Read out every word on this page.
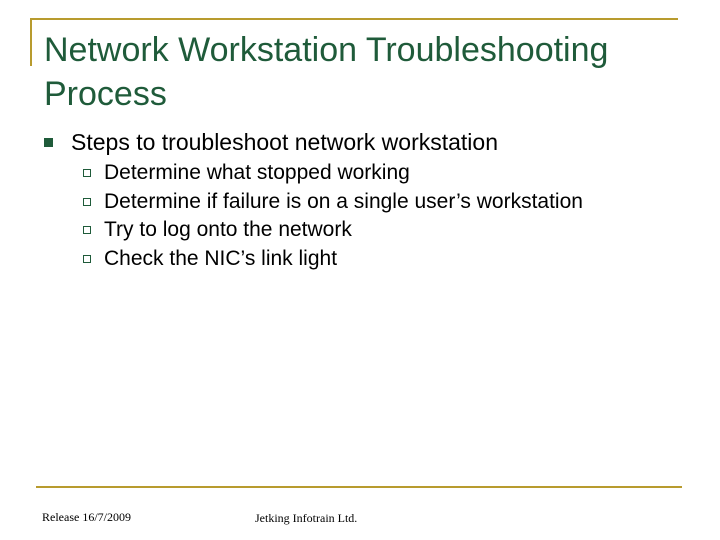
Network Workstation Troubleshooting Process
Steps to troubleshoot network workstation
Determine what stopped working
Determine if failure is on a single user’s workstation
Try to log onto the network
Check the NIC’s link light
Release 16/7/2009	Jetking Infotrain Ltd.
